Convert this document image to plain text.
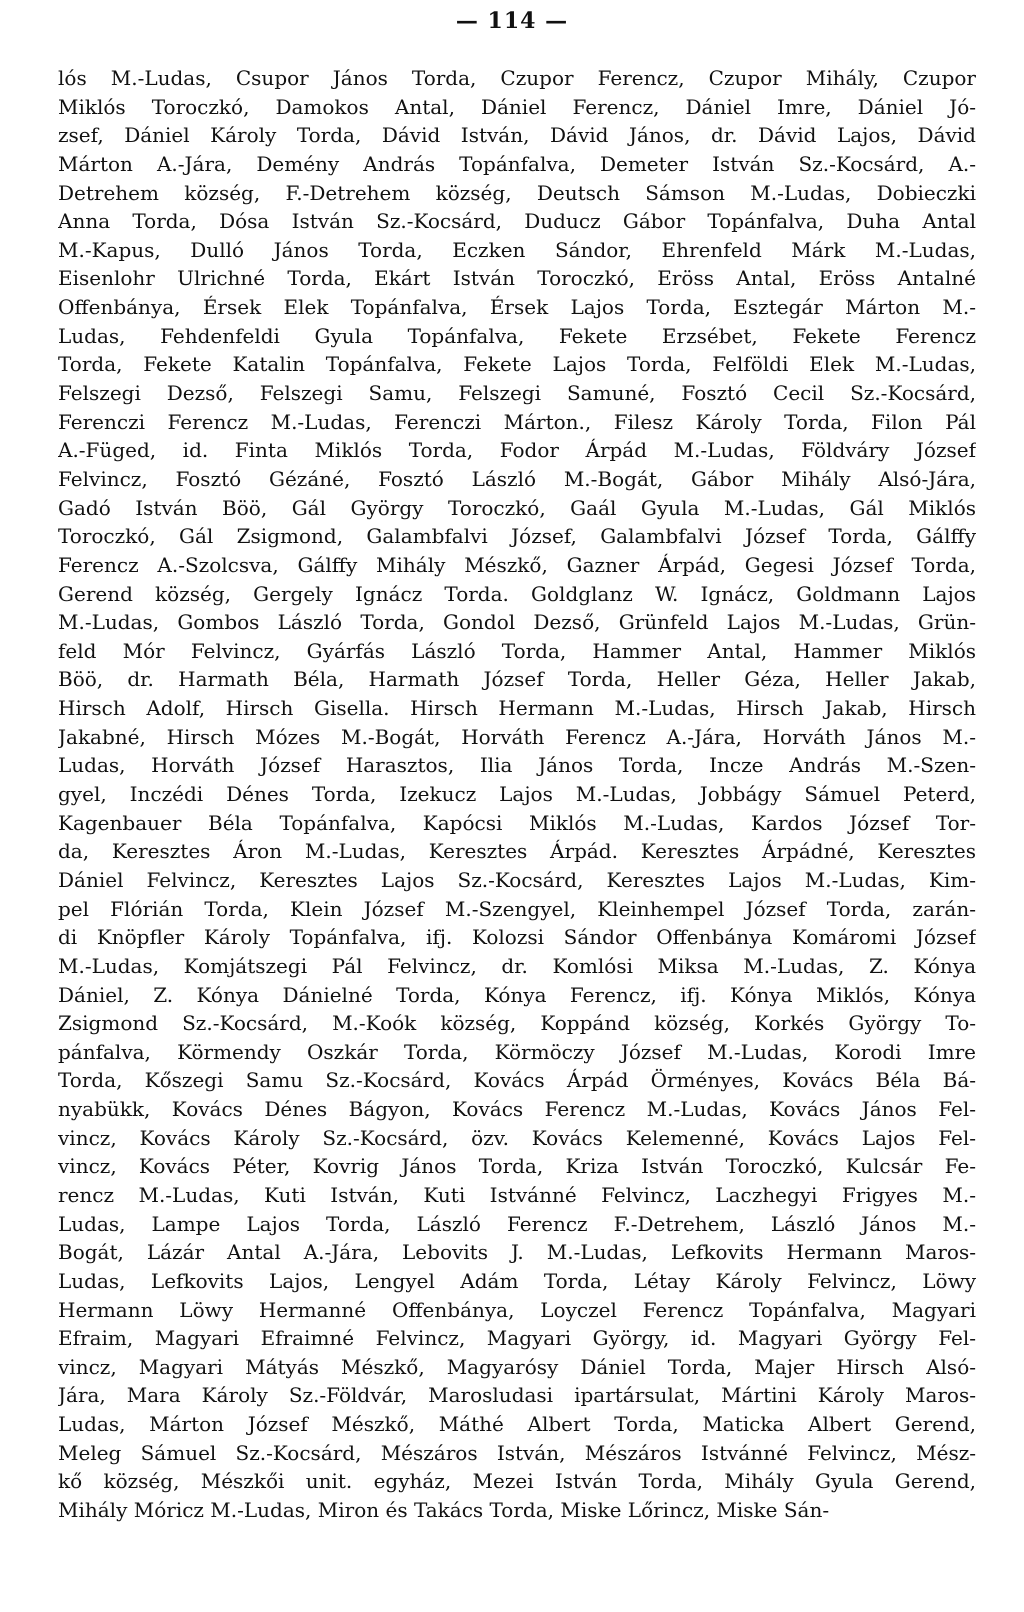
— 114 —
lós M.-Ludas, Csupor János Torda, Czupor Ferencz, Czupor Mihály, Czupor
Miklós Toroczkó, Damokos Antal, Dániel Ferencz, Dániel Imre, Dániel Jó-
zsef, Dániel Károly Torda, Dávid István, Dávid János, dr. Dávid Lajos, Dávid
Márton A.-Jára, Demény András Topánfalva, Demeter István Sz.-Kocsárd, A.-
Detrehem község, F.-Detrehem község, Deutsch Sámson M.-Ludas, Dobieczki
Anna Torda, Dósa István Sz.-Kocsárd, Duducz Gábor Topánfalva, Duha Antal
M.-Kapus, Dulló János Torda, Eczken Sándor, Ehrenfeld Márk M.-Ludas,
Eisenlohr Ulrichné Torda, Ekárt István Toroczkó, Eröss Antal, Eröss Antalné
Offenbánya, Érsek Elek Topánfalva, Érsek Lajos Torda, Esztegár Márton M.-
Ludas, Fehdenfeldi Gyula Topánfalva, Fekete Erzsébet, Fekete Ferencz
Torda, Fekete Katalin Topánfalva, Fekete Lajos Torda, Felföldi Elek M.-Ludas,
Felszegi Dezső, Felszegi Samu, Felszegi Samuné, Fosztó Cecil Sz.-Kocsárd,
Ferenczi Ferencz M.-Ludas, Ferenczi Márton., Filesz Károly Torda, Filon Pál
A.-Füged, id. Finta Miklós Torda, Fodor Árpád M.-Ludas, Földváry József
Felvincz, Fosztó Gézáné, Fosztó László M.-Bogát, Gábor Mihály Alsó-Jára,
Gadó István Böö, Gál György Toroczkó, Gaál Gyula M.-Ludas, Gál Miklós
Toroczkó, Gál Zsigmond, Galambfalvi József, Galambfalvi József Torda, Gálffy
Ferencz A.-Szolcsva, Gálffy Mihály Mészkő, Gazner Árpád, Gegesi József Torda,
Gerend község, Gergely Ignácz Torda. Goldglanz W. Ignácz, Goldmann Lajos
M.-Ludas, Gombos László Torda, Gondol Dezső, Grünfeld Lajos M.-Ludas, Grün-
feld Mór Felvincz, Gyárfás László Torda, Hammer Antal, Hammer Miklós
Böö, dr. Harmath Béla, Harmath József Torda, Heller Géza, Heller Jakab,
Hirsch Adolf, Hirsch Gisella. Hirsch Hermann M.-Ludas, Hirsch Jakab, Hirsch
Jakabné, Hirsch Mózes M.-Bogát, Horváth Ferencz A.-Jára, Horváth János M.-
Ludas, Horváth József Harasztos, Ilia János Torda, Incze András M.-Szen-
gyel, Inczédi Dénes Torda, Izekucz Lajos M.-Ludas, Jobbágy Sámuel Peterd,
Kagenbauer Béla Topánfalva, Kapócsi Miklós M.-Ludas, Kardos József Tor-
da, Keresztes Áron M.-Ludas, Keresztes Árpád. Keresztes Árpádné, Keresztes
Dániel Felvincz, Keresztes Lajos Sz.-Kocsárd, Keresztes Lajos M.-Ludas, Kim-
pel Flórián Torda, Klein József M.-Szengyel, Kleinhempel József Torda, zarán-
di Knöpfler Károly Topánfalva, ifj. Kolozsi Sándor Offenbánya Komáromi József
M.-Ludas, Komjátszegi Pál Felvincz, dr. Komlósi Miksa M.-Ludas, Z. Kónya
Dániel, Z. Kónya Dánielné Torda, Kónya Ferencz, ifj. Kónya Miklós, Kónya
Zsigmond Sz.-Kocsárd, M.-Koók község, Koppánd község, Korkés György To-
pánfalva, Körmendy Oszkár Torda, Körmöczy József M.-Ludas, Korodi Imre
Torda, Kőszegi Samu Sz.-Kocsárd, Kovács Árpád Örményes, Kovács Béla Bá-
nyabükk, Kovács Dénes Bágyon, Kovács Ferencz M.-Ludas, Kovács János Fel-
vincz, Kovács Károly Sz.-Kocsárd, özv. Kovács Kelemenné, Kovács Lajos Fel-
vincz, Kovács Péter, Kovrig János Torda, Kriza István Toroczkó, Kulcsár Fe-
rencz M.-Ludas, Kuti István, Kuti Istvánné Felvincz, Laczhegyi Frigyes M.-
Ludas, Lampe Lajos Torda, László Ferencz F.-Detrehem, László János M.-
Bogát, Lázár Antal A.-Jára, Lebovits J. M.-Ludas, Lefkovits Hermann Maros-
Ludas, Lefkovits Lajos, Lengyel Adám Torda, Létay Károly Felvincz, Löwy
Hermann Löwy Hermanné Offenbánya, Loyczel Ferencz Topánfalva, Magyari
Efraim, Magyari Efraimné Felvincz, Magyari György, id. Magyari György Fel-
vincz, Magyari Mátyás Mészkő, Magyarósy Dániel Torda, Majer Hirsch Alsó-
Jára, Mara Károly Sz.-Földvár, Marosludasi ipartársulat, Mártini Károly Maros-
Ludas, Márton József Mészkő, Máthé Albert Torda, Maticka Albert Gerend,
Meleg Sámuel Sz.-Kocsárd, Mészáros István, Mészáros Istvánné Felvincz, Mész-
kő község, Mészkői unit. egyház, Mezei István Torda, Mihály Gyula Gerend,
Mihály Móricz M.-Ludas, Miron és Takács Torda, Miske Lőrincz, Miske Sán-
